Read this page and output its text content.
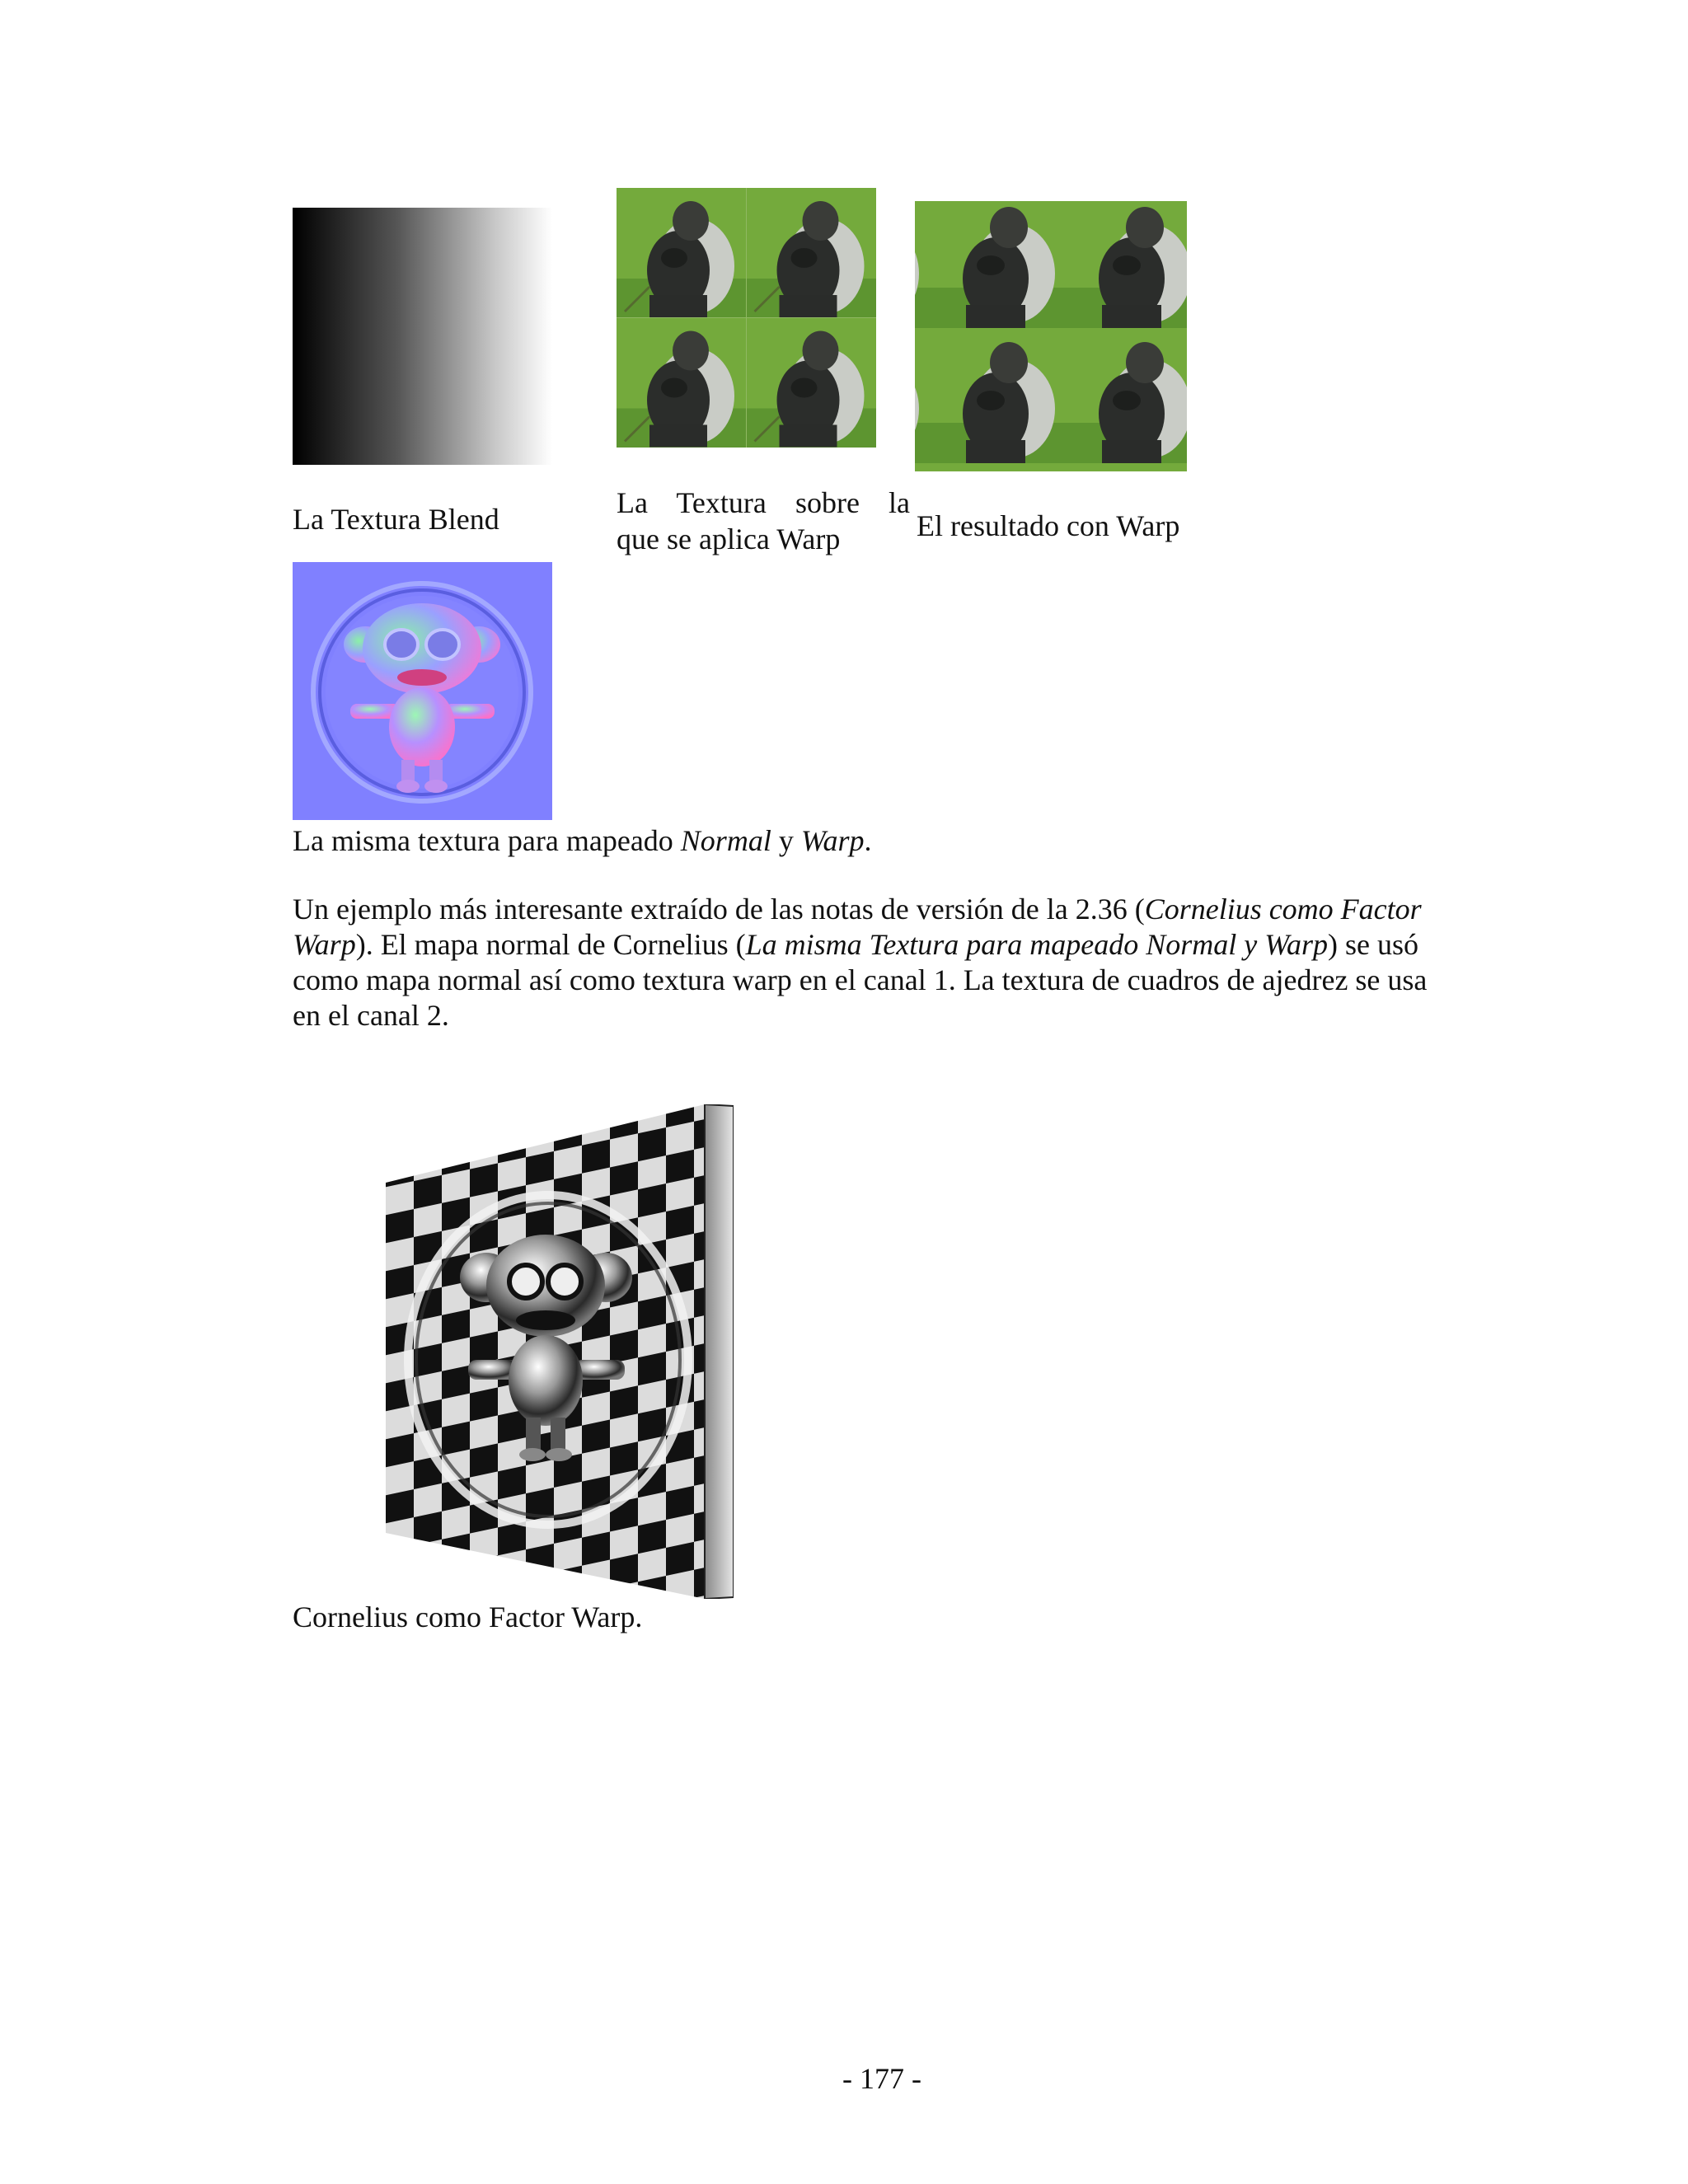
La Textura Blend	La Textura sobre la
que se aplica Warp	El resultado con Warp
La misma textura para mapeado Normal y Warp.
Un ejemplo más interesante extraído de las notas de versión de la 2.36 (Cornelius como Factor Warp). El mapa normal de Cornelius (La misma Textura para mapeado Normal y Warp) se usó como mapa normal así como textura warp en el canal 1. La textura de cuadros de ajedrez se usa en el canal 2.
Cornelius como Factor Warp.
- 177 -
